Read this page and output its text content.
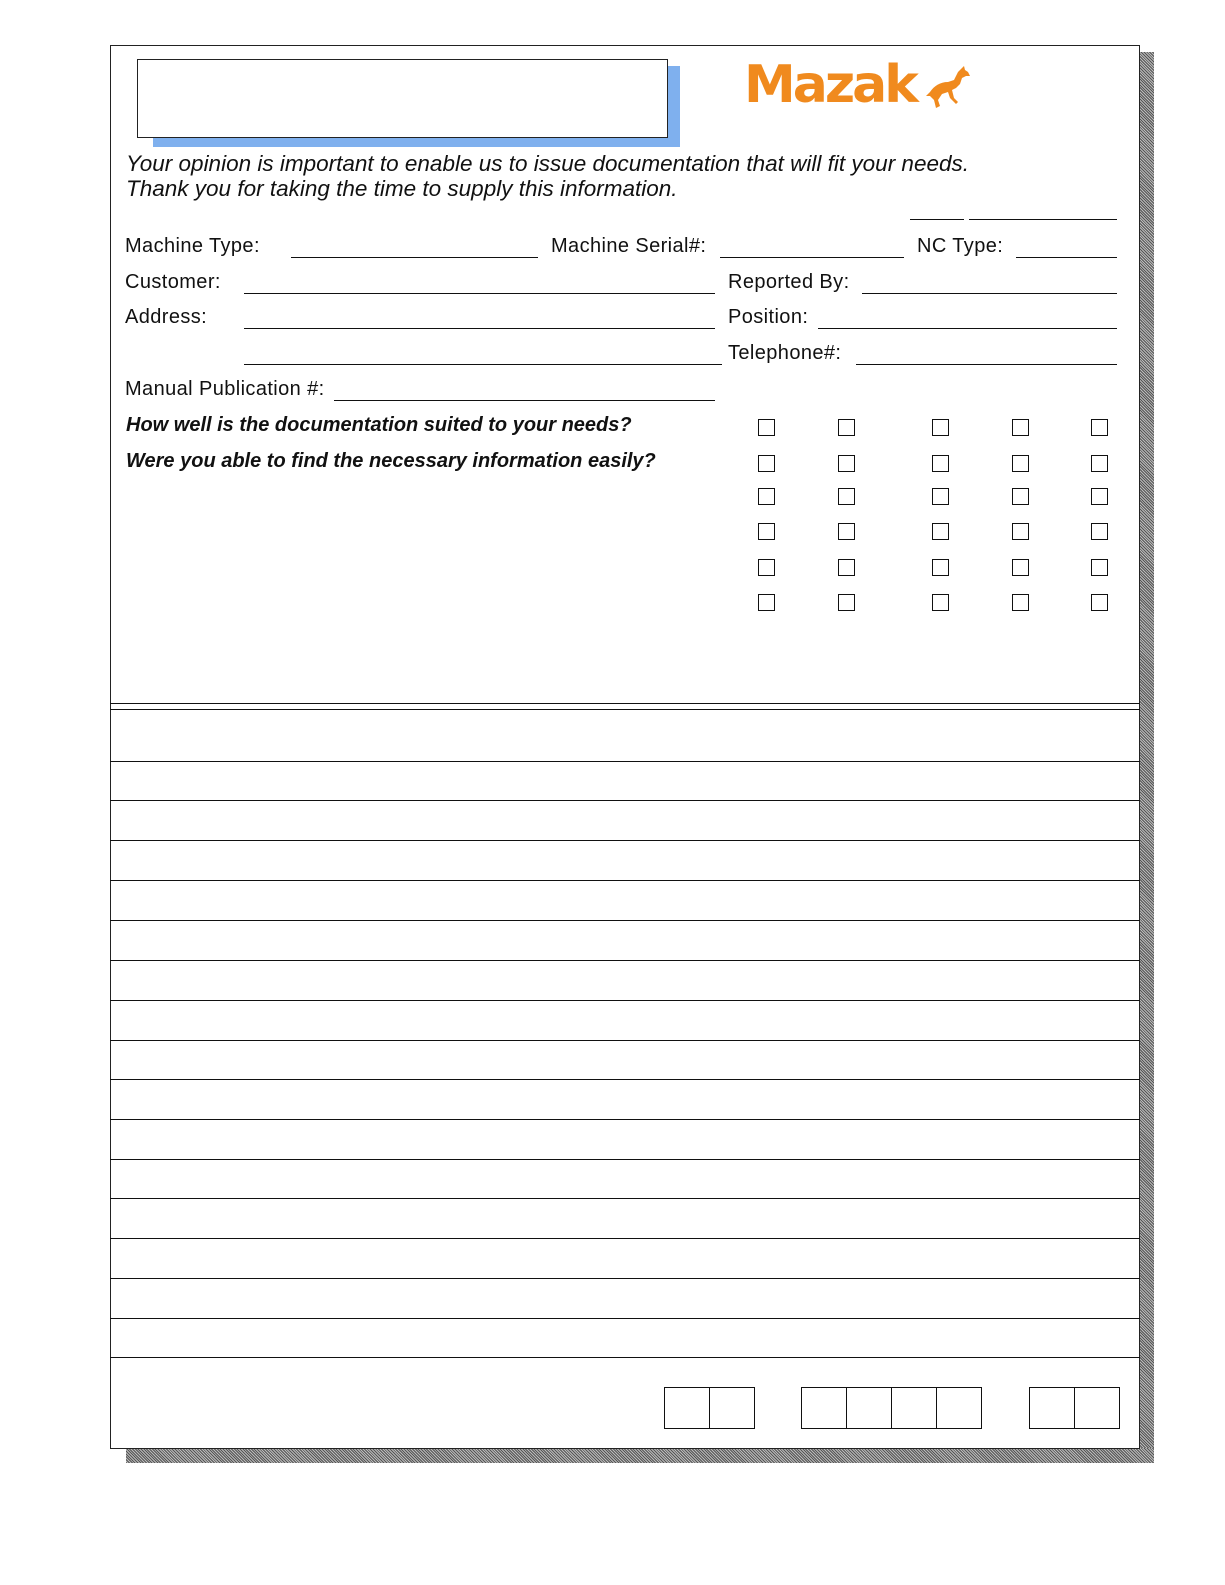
Mazak
Your opinion is important to enable us to issue documentation that will fit your needs.
Thank you for taking the time to supply this information.
Machine Type:	Machine Serial#:	NC Type:
Customer:	Reported By:
Address:	Position:
Telephone#:
Manual Publication #:
How well is the documentation suited to your needs?
Were you able to find the necessary information easily?
